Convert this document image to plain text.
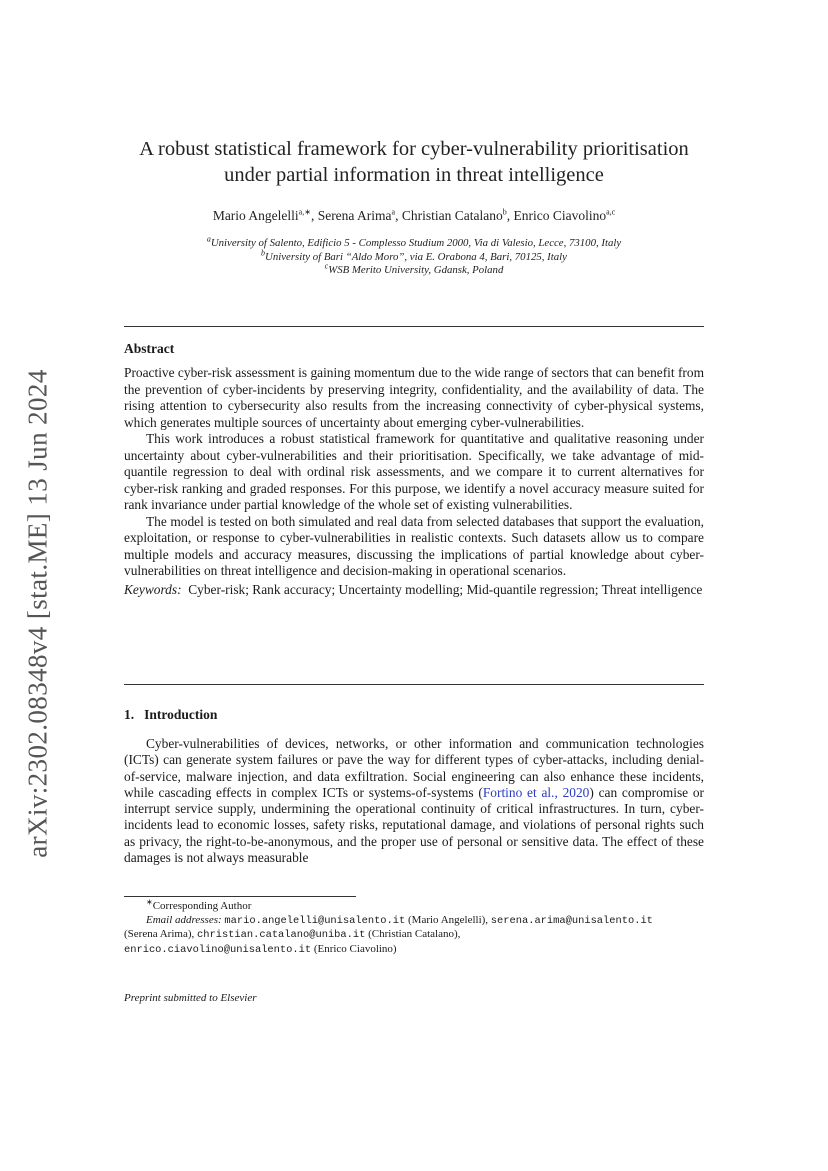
arXiv:2302.08348v4 [stat.ME] 13 Jun 2024
A robust statistical framework for cyber-vulnerability prioritisation
under partial information in threat intelligence
Mario Angelelli$^{a,∗}$, Serena Arima$^a$, Christian Catalano$^b$, Enrico Ciavolino$^{a,c}$
$^a$University of Salento, Edificio 5 - Complesso Studium 2000, Via di Valesio, Lecce, 73100, Italy
$^b$University of Bari “Aldo Moro”, via E. Orabona 4, Bari, 70125, Italy
$^c$WSB Merito University, Gdansk, Poland
Abstract

Proactive cyber-risk assessment is gaining momentum due to the wide range of sectors that can benefit from the prevention of cyber-incidents by preserving integrity, confidentiality, and the availability of data. The rising attention to cybersecurity also results from the increasing connectivity of cyber-physical systems, which generates multiple sources of uncertainty about emerging cyber-vulnerabilities.

This work introduces a robust statistical framework for quantitative and qualitative reasoning under uncertainty about cyber-vulnerabilities and their prioritisation. Specifically, we take advantage of mid-quantile regression to deal with ordinal risk assessments, and we compare it to current alternatives for cyber-risk ranking and graded responses. For this purpose, we identify a novel accuracy measure suited for rank invariance under partial knowledge of the whole set of existing vulnerabilities.

The model is tested on both simulated and real data from selected databases that support the evaluation, exploitation, or response to cyber-vulnerabilities in realistic contexts. Such datasets allow us to compare multiple models and accuracy measures, discussing the implications of partial knowledge about cyber-vulnerabilities on threat intelligence and decision-making in operational scenarios.

Keywords: Cyber-risk; Rank accuracy; Uncertainty modelling; Mid-quantile regression; Threat intelligence

1. Introduction

Cyber-vulnerabilities of devices, networks, or other information and communication technologies (ICTs) can generate system failures or pave the way for different types of cyber-attacks, including denial-of-service, malware injection, and data exfiltration. Social engineering can also enhance these incidents, while cascading effects in complex ICTs or systems-of-systems (Fortino et al., 2020) can compromise or interrupt service supply, undermining the operational continuity of critical infrastructures. In turn, cyber-incidents lead to economic losses, safety risks, reputational damage, and violations of personal rights such as privacy, the right-to-be-anonymous, and the proper use of personal or sensitive data. The effect of these damages is not always measurable

∗Corresponding Author

Email addresses: mario.angelelli@unisalento.it (Mario Angelelli), serena.arima@unisalento.it
(Serena Arima), christian.catalano@uniba.it (Christian Catalano),
enrico.ciavolino@unisalento.it (Enrico Ciavolino)

Preprint submitted to Elsevier
